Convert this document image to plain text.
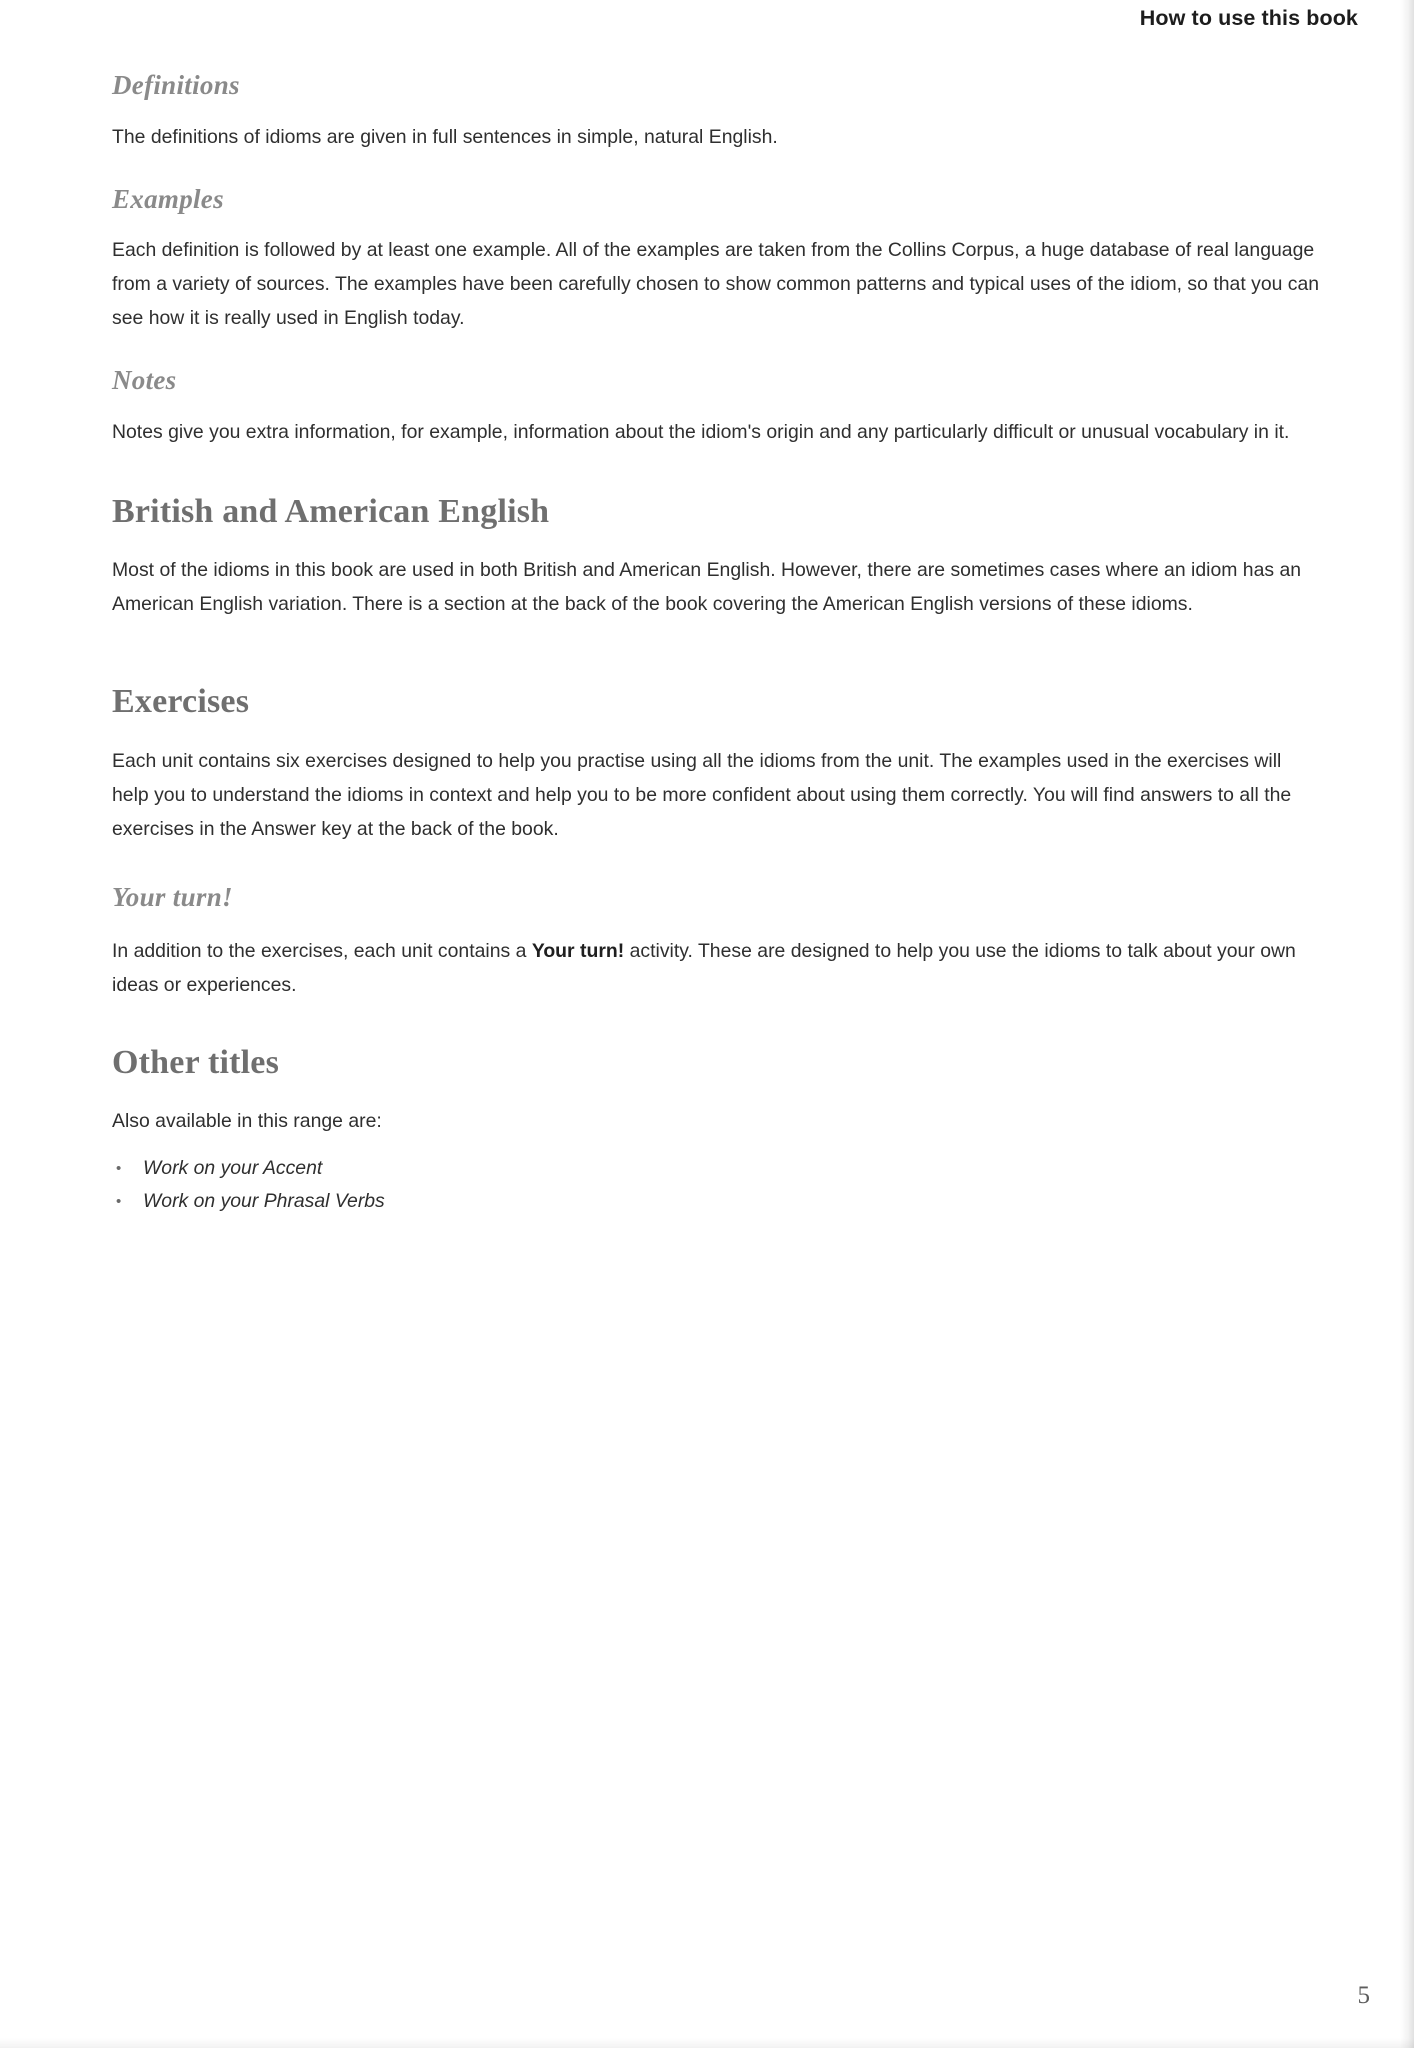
How to use this book
Definitions

The definitions of idioms are given in full sentences in simple, natural English.

Examples

Each definition is followed by at least one example. All of the examples are taken from the Collins Corpus, a huge database of real language from a variety of sources. The examples have been carefully chosen to show common patterns and typical uses of the idiom, so that you can see how it is really used in English today.

Notes

Notes give you extra information, for example, information about the idiom's origin and any particularly difficult or unusual vocabulary in it.

British and American English

Most of the idioms in this book are used in both British and American English. However, there are sometimes cases where an idiom has an American English variation. There is a section at the back of the book covering the American English versions of these idioms.

Exercises

Each unit contains six exercises designed to help you practise using all the idioms from the unit. The examples used in the exercises will help you to understand the idioms in context and help you to be more confident about using them correctly. You will find answers to all the exercises in the Answer key at the back of the book.

Your turn!

In addition to the exercises, each unit contains a Your turn! activity. These are designed to help you use the idioms to talk about your own ideas or experiences.

Other titles

Also available in this range are:

• Work on your Accent
• Work on your Phrasal Verbs
5
